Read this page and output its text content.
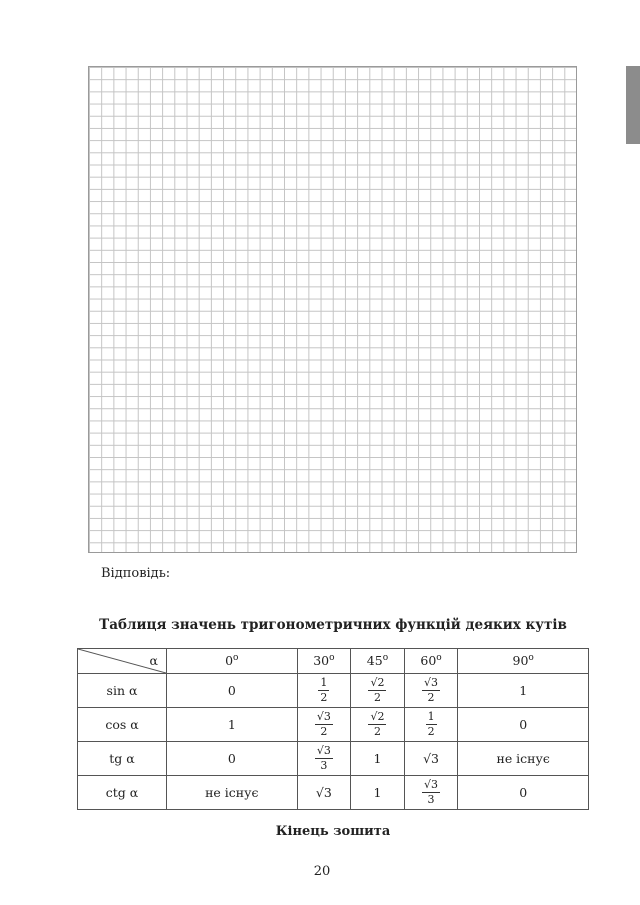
Відповідь:
Таблиця значень тригонометричних функцій деяких кутів
α	0$^o$	30$^o$	45$^o$	60$^o$	90$^o$
sin α	0	$\frac{1}{2}$	$\frac{√2}{2}$	$\frac{√3}{2}$	1
cos α	1	$\frac{√3}{2}$	$\frac{√2}{2}$	$\frac{1}{2}$	0
tg α	0	$\frac{√3}{3}$	1	√3	не існує
ctg α	не існує	√3	1	$\frac{√3}{3}$	0
Кінець зошита
20
